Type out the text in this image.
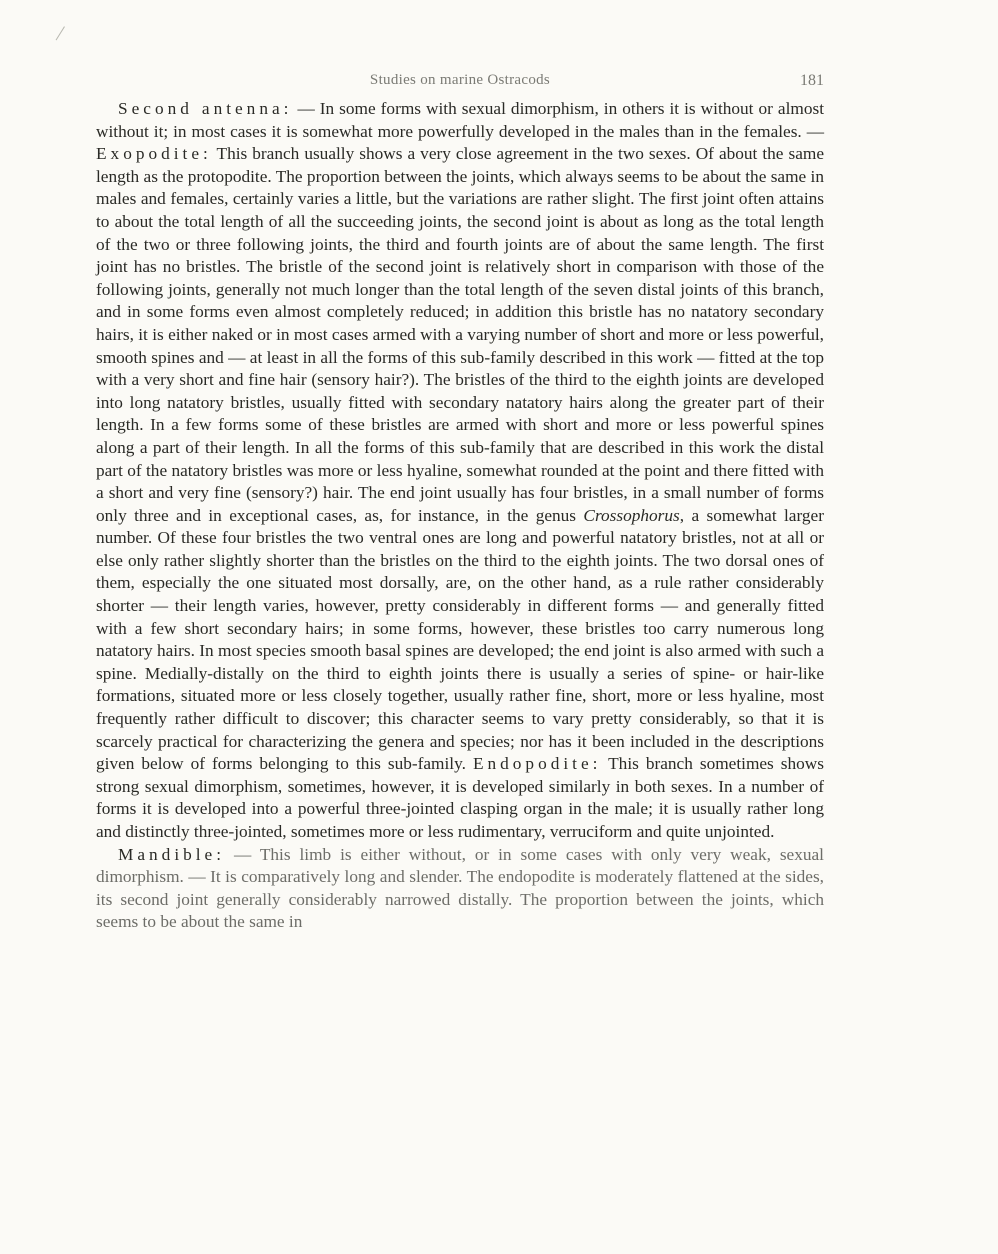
Studies on marine Ostracods	181

Second antenna: — In some forms with sexual dimorphism, in others it is without or almost without it; in most cases it is somewhat more powerfully developed in the males than in the females. — Exopodite: This branch usually shows a very close agreement in the two sexes. Of about the same length as the protopodite. The proportion between the joints, which always seems to be about the same in males and females, certainly varies a little, but the variations are rather slight. The first joint often attains to about the total length of all the succeeding joints, the second joint is about as long as the total length of the two or three following joints, the third and fourth joints are of about the same length. The first joint has no bristles. The bristle of the second joint is relatively short in comparison with those of the following joints, generally not much longer than the total length of the seven distal joints of this branch, and in some forms even almost completely reduced; in addition this bristle has no natatory secondary hairs, it is either naked or in most cases armed with a varying number of short and more or less powerful, smooth spines and — at least in all the forms of this sub-family described in this work — fitted at the top with a very short and fine hair (sensory hair?). The bristles of the third to the eighth joints are developed into long natatory bristles, usually fitted with secondary natatory hairs along the greater part of their length. In a few forms some of these bristles are armed with short and more or less powerful spines along a part of their length. In all the forms of this sub-family that are described in this work the distal part of the natatory bristles was more or less hyaline, somewhat rounded at the point and there fitted with a short and very fine (sensory?) hair. The end joint usually has four bristles, in a small number of forms only three and in exceptional cases, as, for instance, in the genus Crossophorus, a somewhat larger number. Of these four bristles the two ventral ones are long and powerful natatory bristles, not at all or else only rather slightly shorter than the bristles on the third to the eighth joints. The two dorsal ones of them, especially the one situated most dorsally, are, on the other hand, as a rule rather considerably shorter — their length varies, however, pretty considerably in different forms — and generally fitted with a few short secondary hairs; in some forms, however, these bristles too carry numerous long natatory hairs. In most species smooth basal spines are developed; the end joint is also armed with such a spine. Medially-distally on the third to eighth joints there is usually a series of spine- or hair-like formations, situated more or less closely together, usually rather fine, short, more or less hyaline, most frequently rather difficult to discover; this character seems to vary pretty considerably, so that it is scarcely practical for characterizing the genera and species; nor has it been included in the descriptions given below of forms belonging to this sub-family. Endopodite: This branch sometimes shows strong sexual dimorphism, sometimes, however, it is developed similarly in both sexes. In a number of forms it is developed into a powerful three-jointed clasping organ in the male; it is usually rather long and distinctly three-jointed, sometimes more or less rudimentary, verruciform and quite unjointed.

Mandible: — This limb is either without, or in some cases with only very weak, sexual dimorphism. — It is comparatively long and slender. The endopodite is moderately flattened at the sides, its second joint generally considerably narrowed distally. The proportion between the joints, which seems to be about the same in
